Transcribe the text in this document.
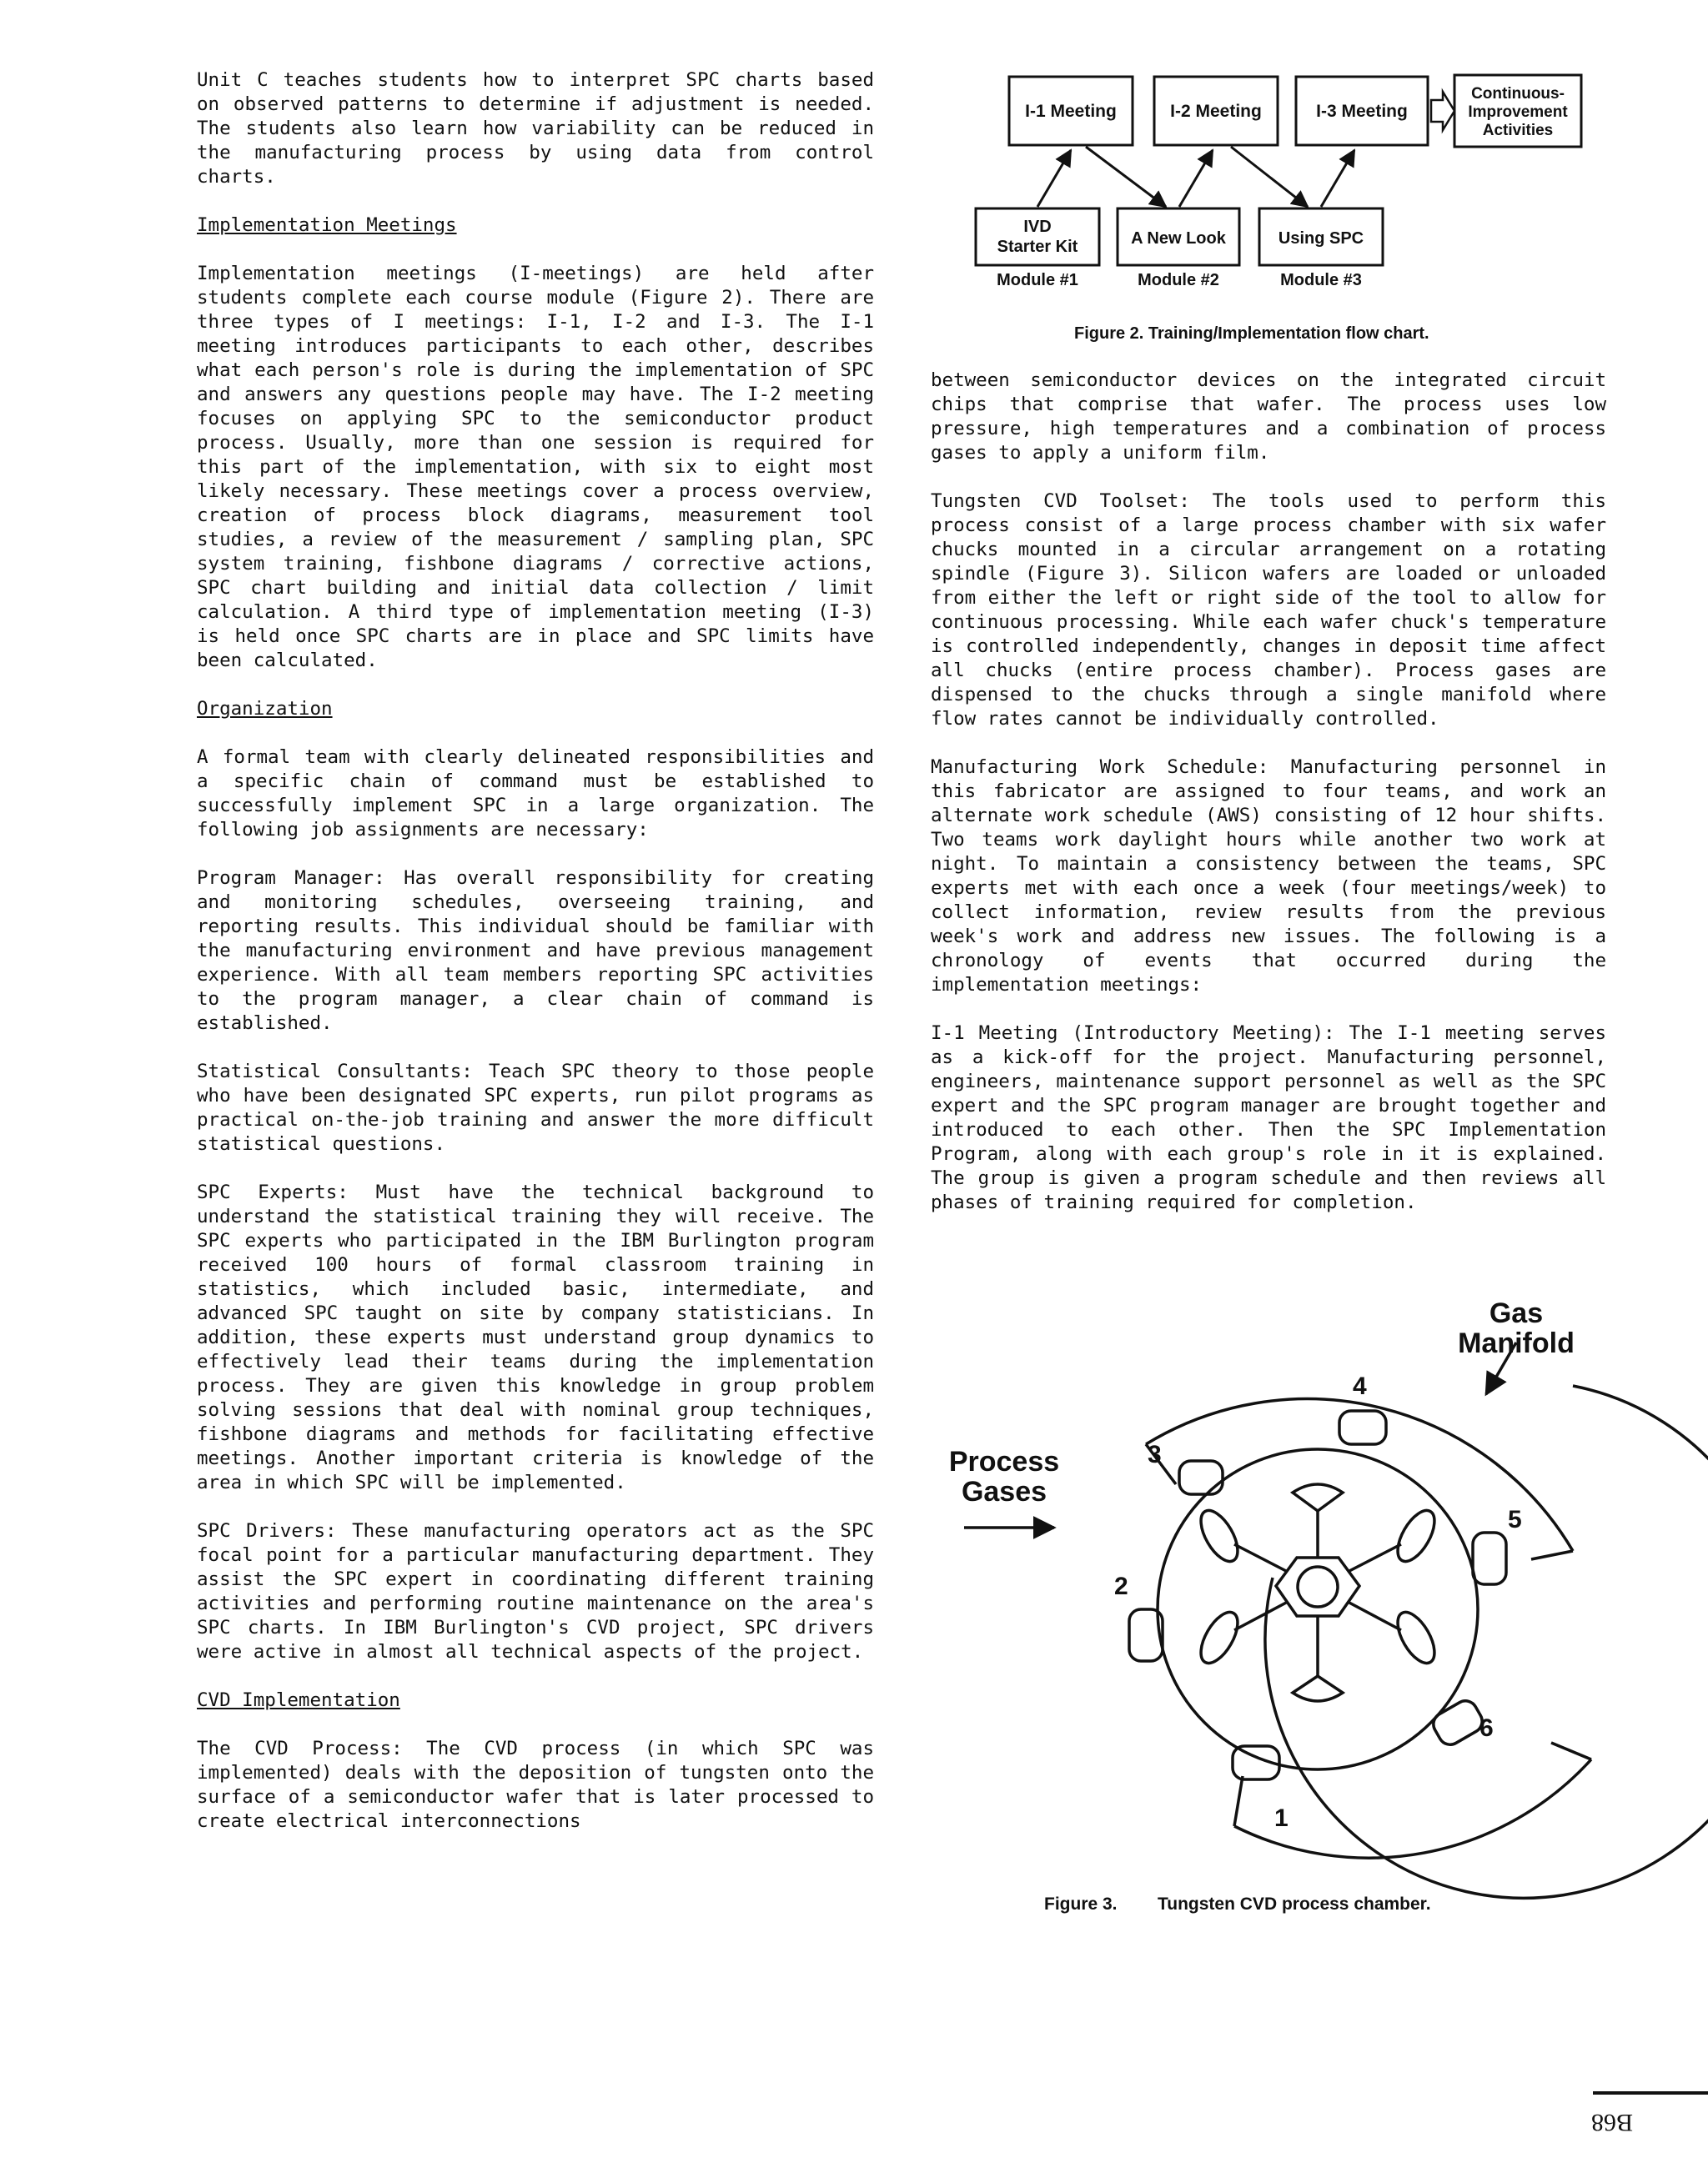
Unit C teaches students how to interpret SPC charts based on observed patterns to determine if adjustment is needed. The students also learn how variability can be reduced in the manufacturing process by using data from control charts.

Implementation Meetings

Implementation meetings (I-meetings) are held after students complete each course module (Figure 2). There are three types of I meetings: I-1, I-2 and I-3. The I-1 meeting introduces participants to each other, describes what each person's role is during the implementation of SPC and answers any questions people may have. The I-2 meeting focuses on applying SPC to the semiconductor product process. Usually, more than one session is required for this part of the implementation, with six to eight most likely necessary. These meetings cover a process overview, creation of process block diagrams, measurement tool studies, a review of the measurement / sampling plan, SPC system training, fishbone diagrams / corrective actions, SPC chart building and initial data collection / limit calculation. A third type of implementation meeting (I-3) is held once SPC charts are in place and SPC limits have been calculated.

Organization

A formal team with clearly delineated responsibilities and a specific chain of command must be established to successfully implement SPC in a large organization. The following job assignments are necessary:

Program Manager: Has overall responsibility for creating and monitoring schedules, overseeing training, and reporting results. This individual should be familiar with the manufacturing environment and have previous management experience. With all team members reporting SPC activities to the program manager, a clear chain of command is established.

Statistical Consultants: Teach SPC theory to those people who have been designated SPC experts, run pilot programs as practical on-the-job training and answer the more difficult statistical questions.

SPC Experts: Must have the technical background to understand the statistical training they will receive. The SPC experts who participated in the IBM Burlington program received 100 hours of formal classroom training in statistics, which included basic, intermediate, and advanced SPC taught on site by company statisticians. In addition, these experts must understand group dynamics to effectively lead their teams during the implementation process. They are given this knowledge in group problem solving sessions that deal with nominal group techniques, fishbone diagrams and methods for facilitating effective meetings. Another important criteria is knowledge of the area in which SPC will be implemented.

SPC Drivers: These manufacturing operators act as the SPC focal point for a particular manufacturing department. They assist the SPC expert in coordinating different training activities and performing routine maintenance on the area's SPC charts. In IBM Burlington's CVD project, SPC drivers were active in almost all technical aspects of the project.

CVD Implementation

The CVD Process: The CVD process (in which SPC was implemented) deals with the deposition of tungsten onto the surface of a semiconductor wafer that is later processed to create electrical interconnections

between semiconductor devices on the integrated circuit chips that comprise that wafer. The process uses low pressure, high temperatures and a combination of process gases to apply a uniform film.

Tungsten CVD Toolset: The tools used to perform this process consist of a large process chamber with six wafer chucks mounted in a circular arrangement on a rotating spindle (Figure 3). Silicon wafers are loaded or unloaded from either the left or right side of the tool to allow for continuous processing. While each wafer chuck's temperature is controlled independently, changes in deposit time affect all chucks (entire process chamber). Process gases are dispensed to the chucks through a single manifold where flow rates cannot be individually controlled.

Manufacturing Work Schedule: Manufacturing personnel in this fabricator are assigned to four teams, and work an alternate work schedule (AWS) consisting of 12 hour shifts. Two teams work daylight hours while another two work at night. To maintain a consistency between the teams, SPC experts met with each once a week (four meetings/week) to collect information, review results from the previous week's work and address new issues. The following is a chronology of events that occurred during the implementation meetings:

I-1 Meeting (Introductory Meeting): The I-1 meeting serves as a kick-off for the project. Manufacturing personnel, engineers, maintenance support personnel as well as the SPC expert and the SPC program manager are brought together and introduced to each other. Then the SPC Implementation Program, along with each group's role in it is explained. The group is given a program schedule and then reviews all phases of training required for completion.

I-1 Meeting	I-2 Meeting	I-3 Meeting
Continuous-
Improvement
Activities
IVD
Starter Kit	A New Look	Using SPC
Module #1	Module #2	Module #3
Figure 2. Training/Implementation flow chart.
Gas
Manifold
Process
Gases
1
2
3
4
5
6
Figure 3. Tungsten CVD process chamber.
B68
